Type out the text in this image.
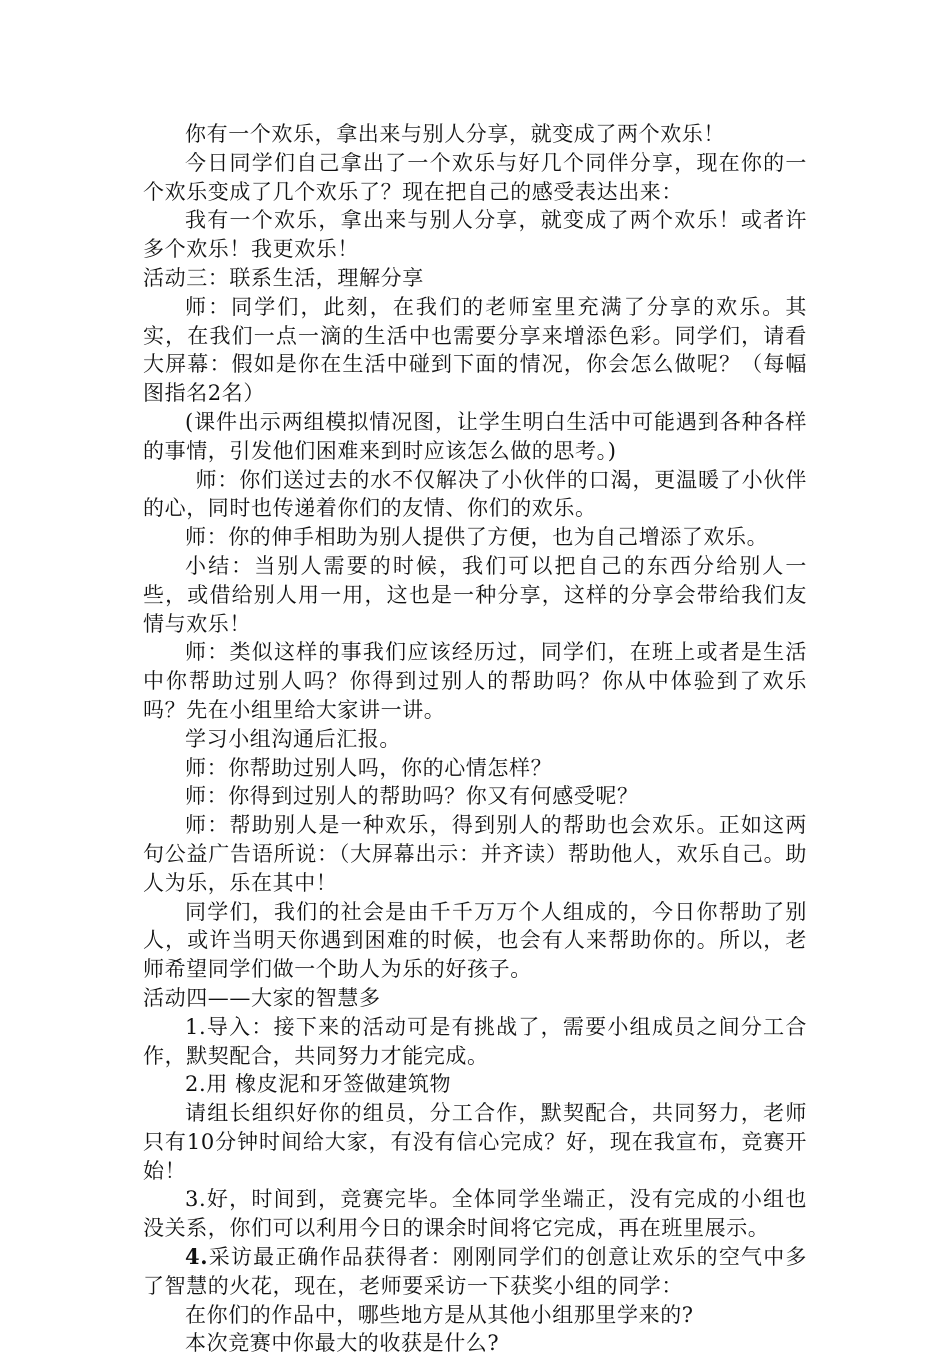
你有一个欢乐，拿出来与别人分享，就变成了两个欢乐！

今日同学们自己拿出了一个欢乐与好几个同伴分享，现在你的一个欢乐变成了几个欢乐了？现在把自己的感受表达出来：

我有一个欢乐，拿出来与别人分享，就变成了两个欢乐！或者许多个欢乐！我更欢乐！

活动三：联系生活，理解分享

师：同学们，此刻，在我们的老师室里充满了分享的欢乐。其实，在我们一点一滴的生活中也需要分享来增添色彩。同学们，请看大屏幕：假如是你在生活中碰到下面的情况，你会怎么做呢？（每幅图指名2名）

(课件出示两组模拟情况图，让学生明白生活中可能遇到各种各样的事情，引发他们困难来到时应该怎么做的思考。)

师：你们送过去的水不仅解决了小伙伴的口渴，更温暖了小伙伴的心，同时也传递着你们的友情、你们的欢乐。

师：你的伸手相助为别人提供了方便，也为自己增添了欢乐。

小结：当别人需要的时候，我们可以把自己的东西分给别人一些，或借给别人用一用，这也是一种分享，这样的分享会带给我们友情与欢乐！

师：类似这样的事我们应该经历过，同学们，在班上或者是生活中你帮助过别人吗？你得到过别人的帮助吗？你从中体验到了欢乐吗？先在小组里给大家讲一讲。

学习小组沟通后汇报。

师：你帮助过别人吗，你的心情怎样？

师：你得到过别人的帮助吗？你又有何感受呢？

师：帮助别人是一种欢乐，得到别人的帮助也会欢乐。正如这两句公益广告语所说：（大屏幕出示：并齐读）帮助他人，欢乐自己。助人为乐，乐在其中！

同学们，我们的社会是由千千万万个人组成的，今日你帮助了别人，或许当明天你遇到困难的时候，也会有人来帮助你的。所以，老师希望同学们做一个助人为乐的好孩子。

活动四——大家的智慧多

1.导入：接下来的活动可是有挑战了，需要小组成员之间分工合作，默契配合，共同努力才能完成。

2.用 橡皮泥和牙签做建筑物

请组长组织好你的组员，分工合作，默契配合，共同努力，老师只有10分钟时间给大家，有没有信心完成？好，现在我宣布，竞赛开始！

3.好，时间到，竞赛完毕。全体同学坐端正，没有完成的小组也没关系，你们可以利用今日的课余时间将它完成，再在班里展示。

4.采访最正确作品获得者：刚刚同学们的创意让欢乐的空气中多了智慧的火花，现在，老师要采访一下获奖小组的同学：

在你们的作品中，哪些地方是从其他小组那里学来的?

本次竞赛中你最大的收获是什么?
